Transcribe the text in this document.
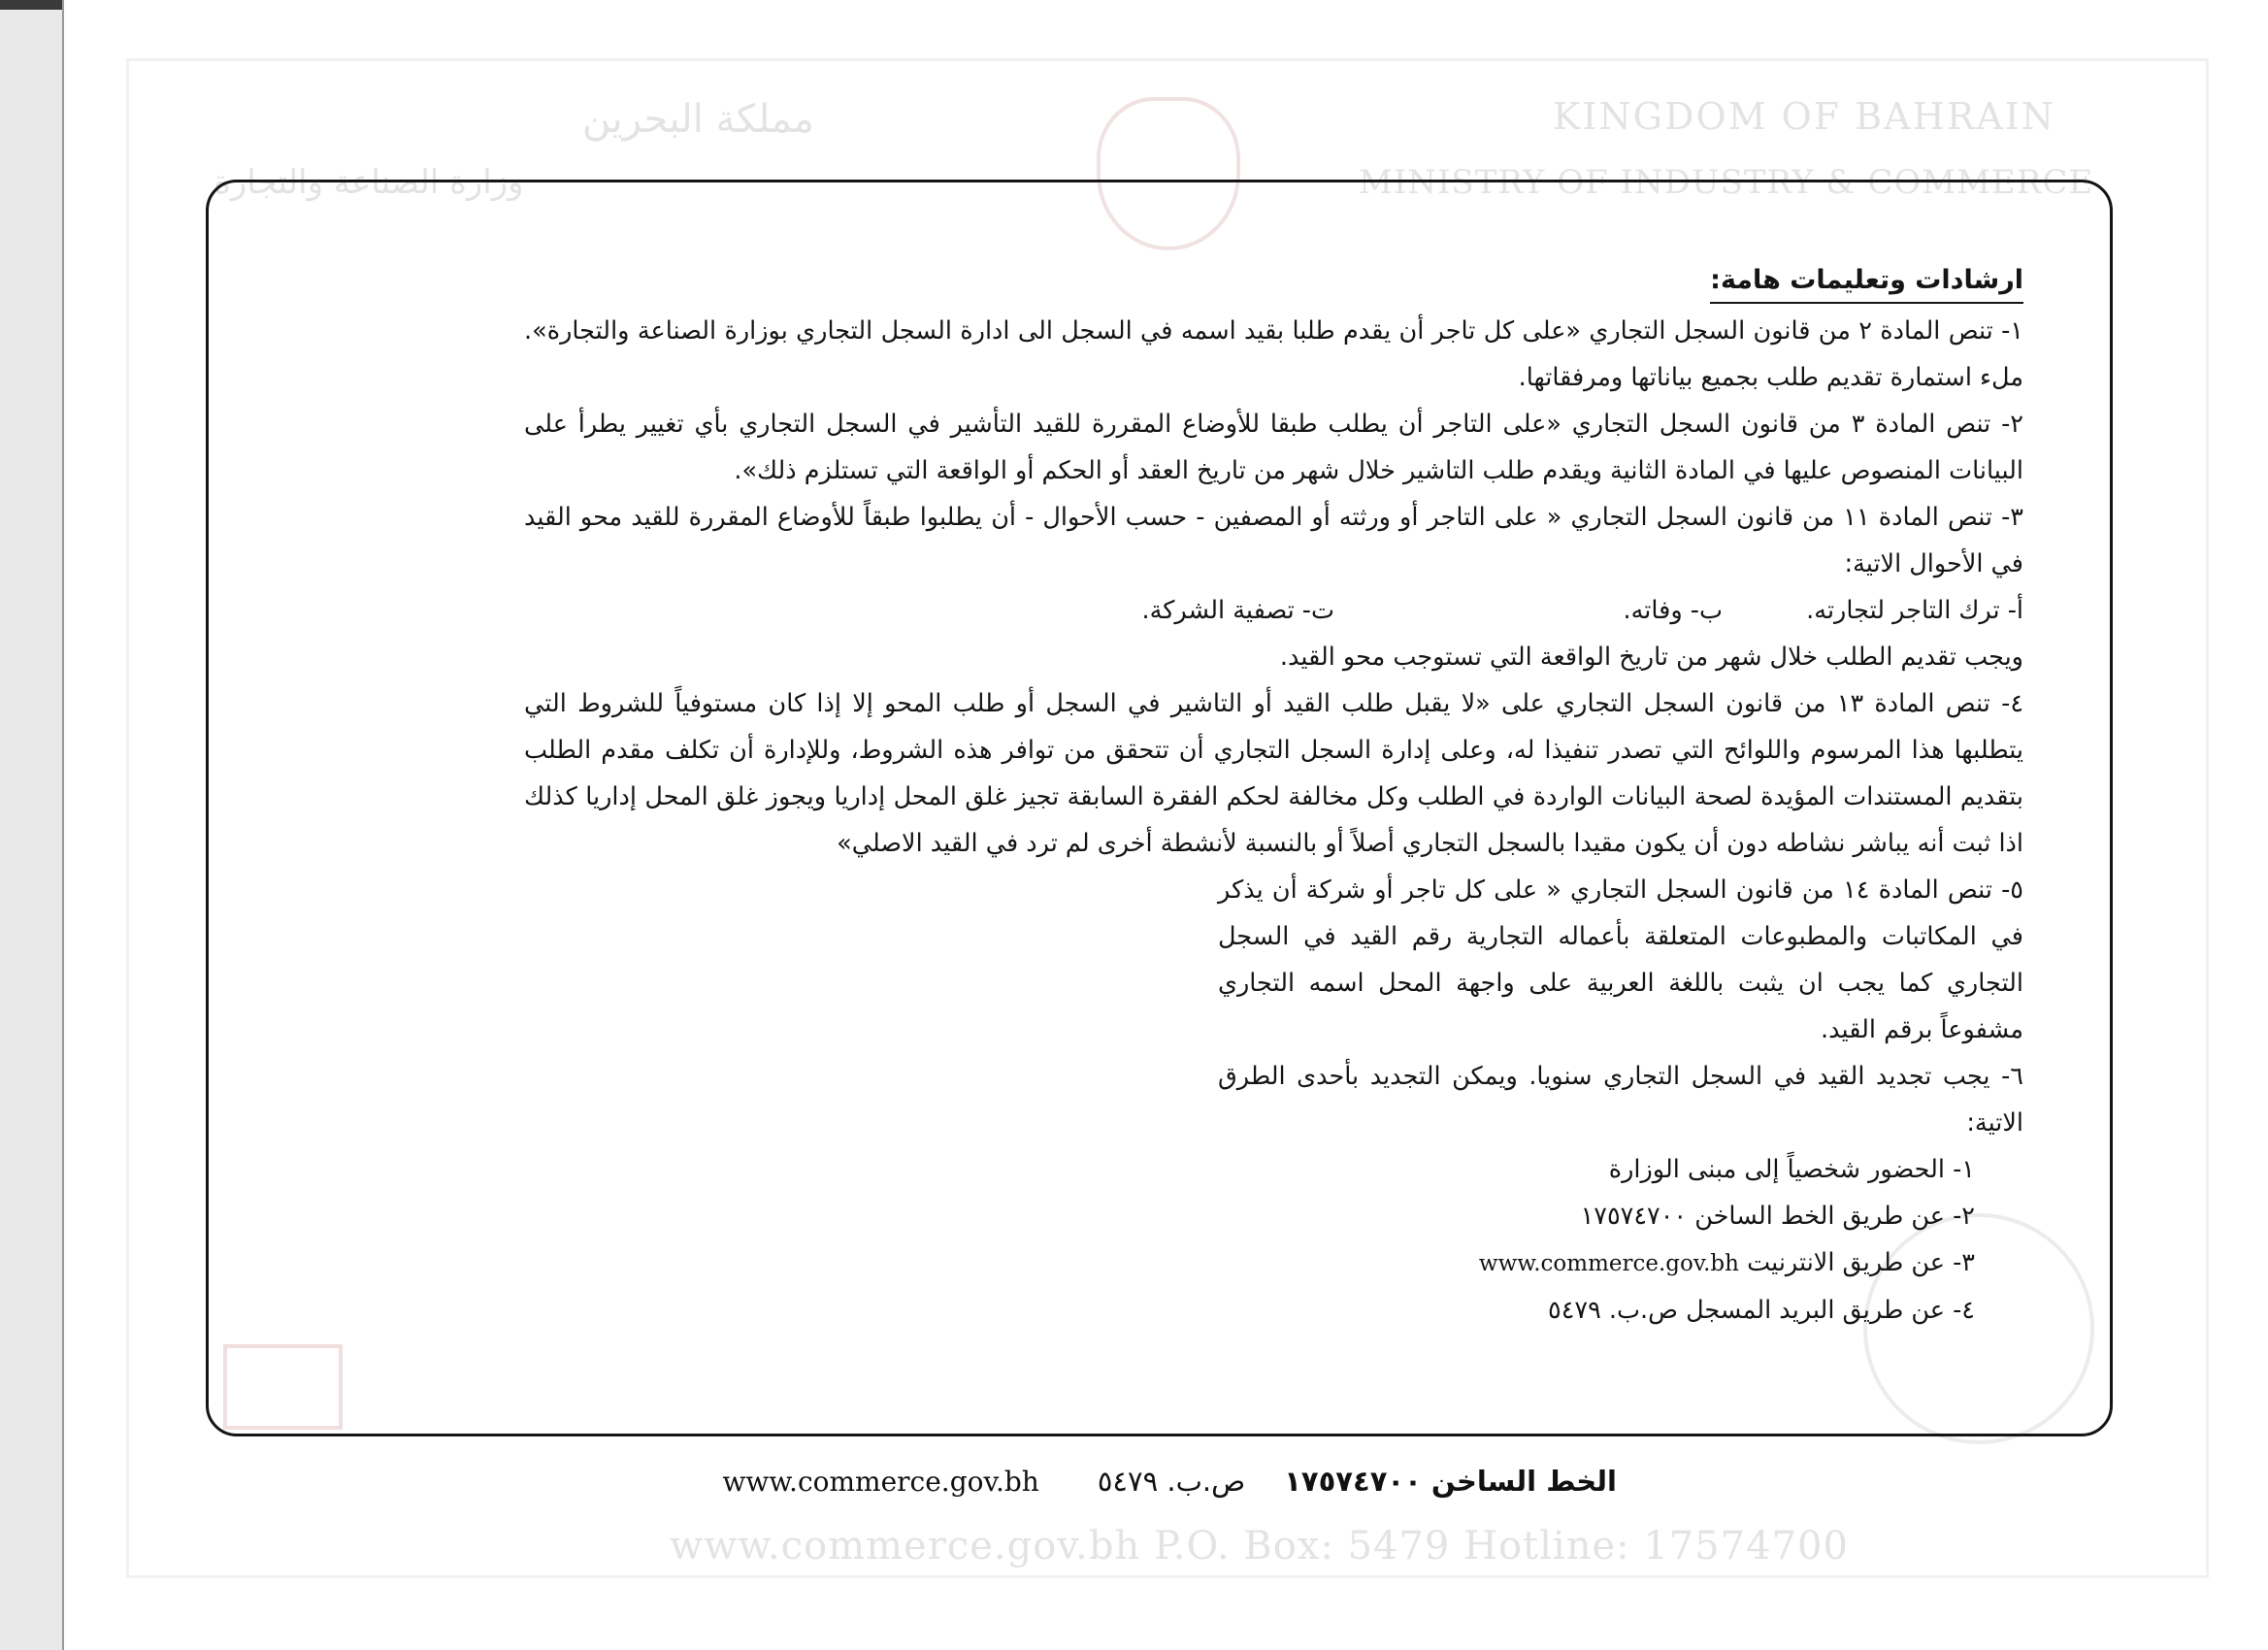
KINGDOM OF BAHRAIN
MINISTRY OF INDUSTRY & COMMERCE
مملكة البحرين
وزارة الصناعة والتجارة
www.commerce.gov.bh P.O. Box: 5479 Hotline: 17574700
ارشادات وتعليمات هامة:
١- تنص المادة ٢ من قانون السجل التجاري «على كل تاجر أن يقدم طلبا بقيد اسمه في السجل الى ادارة السجل التجاري بوزارة الصناعة والتجارة». ملء استمارة تقديم طلب بجميع بياناتها ومرفقاتها.
٢- تنص المادة ٣ من قانون السجل التجاري «على التاجر أن يطلب طبقا للأوضاع المقررة للقيد التأشير في السجل التجاري بأي تغيير يطرأ على البيانات المنصوص عليها في المادة الثانية ويقدم طلب التاشير خلال شهر من تاريخ العقد أو الحكم أو الواقعة التي تستلزم ذلك».
٣- تنص المادة ١١ من قانون السجل التجاري « على التاجر أو ورثته أو المصفين - حسب الأحوال - أن يطلبوا طبقاً للأوضاع المقررة للقيد محو القيد في الأحوال الاتية:
أ- ترك التاجر لتجارته.
ب- وفاته.
ت- تصفية الشركة.
ويجب تقديم الطلب خلال شهر من تاريخ الواقعة التي تستوجب محو القيد.
٤- تنص المادة ١٣ من قانون السجل التجاري على «لا يقبل طلب القيد أو التاشير في السجل أو طلب المحو إلا إذا كان مستوفياً للشروط التي يتطلبها هذا المرسوم واللوائح التي تصدر تنفيذا له، وعلى إدارة السجل التجاري أن تتحقق من توافر هذه الشروط، وللإدارة أن تكلف مقدم الطلب بتقديم المستندات المؤيدة لصحة البيانات الواردة في الطلب وكل مخالفة لحكم الفقرة السابقة تجيز غلق المحل إداريا ويجوز غلق المحل إداريا كذلك اذا ثبت أنه يباشر نشاطه دون أن يكون مقيدا بالسجل التجاري أصلاً أو بالنسبة لأنشطة أخرى لم ترد في القيد الاصلي»
٥- تنص المادة ١٤ من قانون السجل التجاري « على كل تاجر أو شركة أن يذكر في المكاتبات والمطبوعات المتعلقة بأعماله التجارية رقم القيد في السجل التجاري كما يجب ان يثبت باللغة العربية على واجهة المحل اسمه التجاري مشفوعاً برقم القيد.
٦- يجب تجديد القيد في السجل التجاري سنويا. ويمكن التجديد بأحدى الطرق الاتية:
١- الحضور شخصياً إلى مبنى الوزارة
٢- عن طريق الخط الساخن ١٧٥٧٤٧٠٠
٣- عن طريق الانترنيت www.commerce.gov.bh
٤- عن طريق البريد المسجل ص.ب. ٥٤٧٩
الخط الساخن ١٧٥٧٤٧٠٠
ص.ب. ٥٤٧٩
www.commerce.gov.bh
